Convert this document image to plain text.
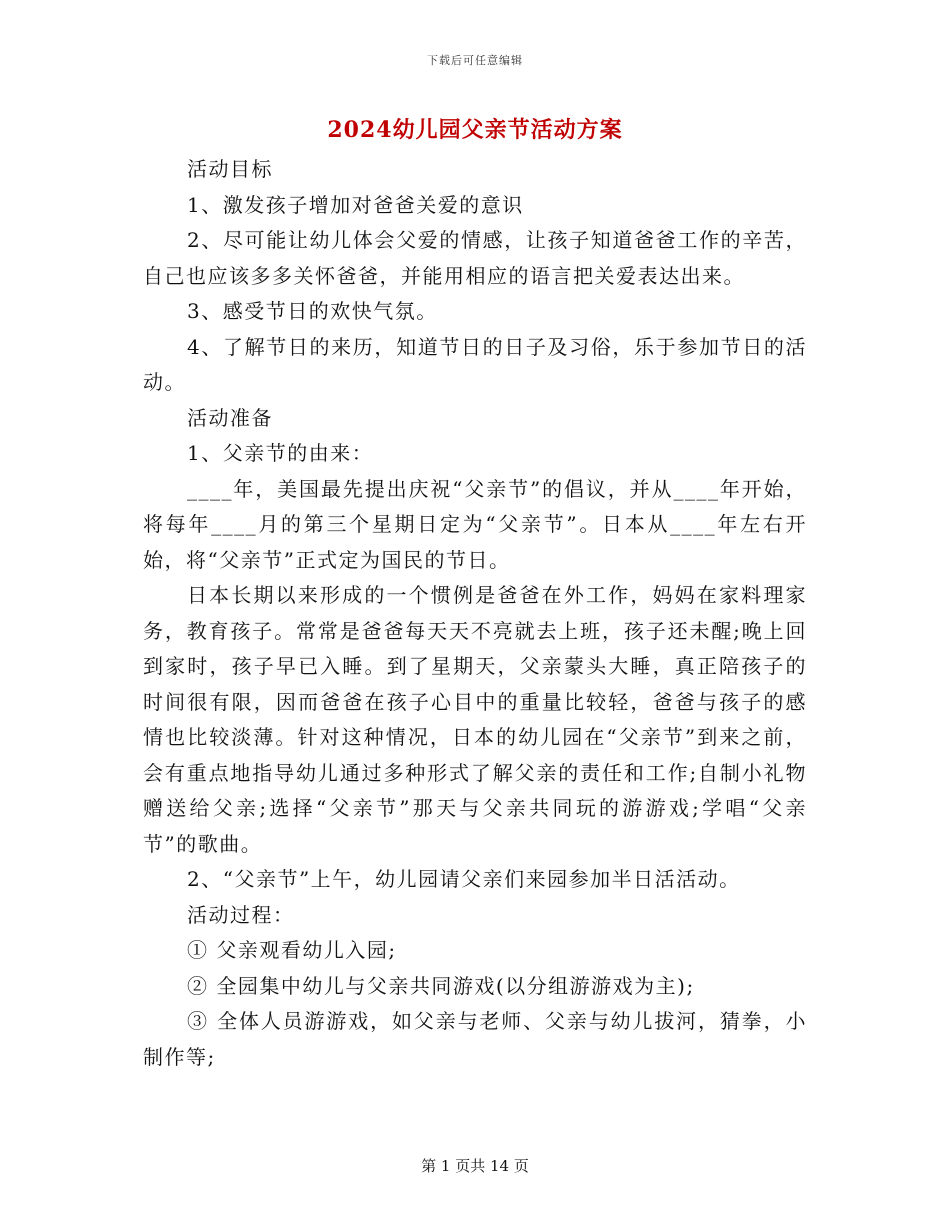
下载后可任意编辑
2024幼儿园父亲节活动方案

活动目标

1、激发孩子增加对爸爸关爱的意识

2、尽可能让幼儿体会父爱的情感，让孩子知道爸爸工作的辛苦，自己也应该多多关怀爸爸，并能用相应的语言把关爱表达出来。

3、感受节日的欢快气氛。

4、了解节日的来历，知道节日的日子及习俗，乐于参加节日的活动。

活动准备

1、父亲节的由来：

____年，美国最先提出庆祝“父亲节”的倡议，并从____年开始，将每年____月的第三个星期日定为“父亲节”。日本从____年左右开始，将“父亲节”正式定为国民的节日。

日本长期以来形成的一个惯例是爸爸在外工作，妈妈在家料理家务，教育孩子。常常是爸爸每天天不亮就去上班，孩子还未醒;晚上回到家时，孩子早已入睡。到了星期天，父亲蒙头大睡，真正陪孩子的时间很有限，因而爸爸在孩子心目中的重量比较轻，爸爸与孩子的感情也比较淡薄。针对这种情况，日本的幼儿园在“父亲节”到来之前，会有重点地指导幼儿通过多种形式了解父亲的责任和工作;自制小礼物赠送给父亲;选择“父亲节”那天与父亲共同玩的游游戏;学唱“父亲节”的歌曲。

2、“父亲节”上午，幼儿园请父亲们来园参加半日活活动。

活动过程：

① 父亲观看幼儿入园;

② 全园集中幼儿与父亲共同游戏(以分组游游戏为主);

③ 全体人员游游戏，如父亲与老师、父亲与幼儿拔河，猜拳，小制作等;

第 1 页共 14 页
